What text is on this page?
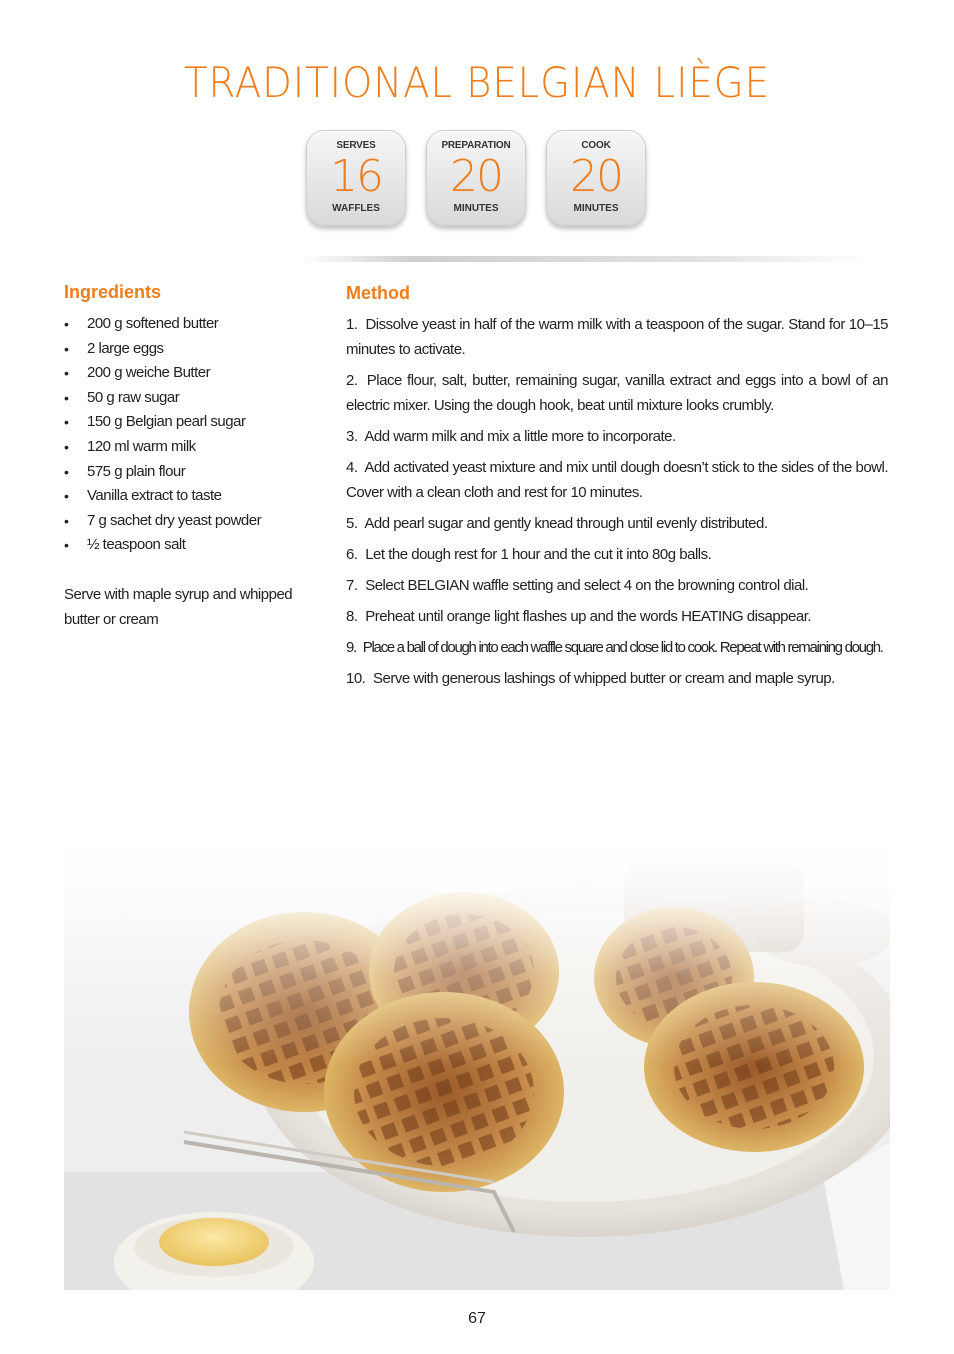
TRADITIONAL BELGIAN LIÈGE
SERVES
16
WAFFLES
PREPARATION
20
MINUTES
COOK
20
MINUTES
Ingredients
• 200 g softened butter
• 2 large eggs
• 200 g weiche Butter
• 50 g raw sugar
• 150 g Belgian pearl sugar
• 120 ml warm milk
• 575 g plain flour
• Vanilla extract to taste
• 7 g sachet dry yeast powder
• ½ teaspoon salt
Serve with maple syrup and whipped butter or cream
Method
1. Dissolve yeast in half of the warm milk with a teaspoon of the sugar. Stand for 10–15 minutes to activate.
2. Place flour, salt, butter, remaining sugar, vanilla extract and eggs into a bowl of an electric mixer. Using the dough hook, beat until mixture looks crumbly.
3. Add warm milk and mix a little more to incorporate.
4. Add activated yeast mixture and mix until dough doesn’t stick to the sides of the bowl. Cover with a clean cloth and rest for 10 minutes.
5. Add pearl sugar and gently knead through until evenly distributed.
6. Let the dough rest for 1 hour and the cut it into 80g balls.
7. Select BELGIAN waffle setting and select 4 on the browning control dial.
8. Preheat until orange light flashes up and the words HEATING disappear.
9. Place a ball of dough into each waffle square and close lid to cook. Repeat with remaining dough.
10. Serve with generous lashings of whipped butter or cream and maple syrup.
67
